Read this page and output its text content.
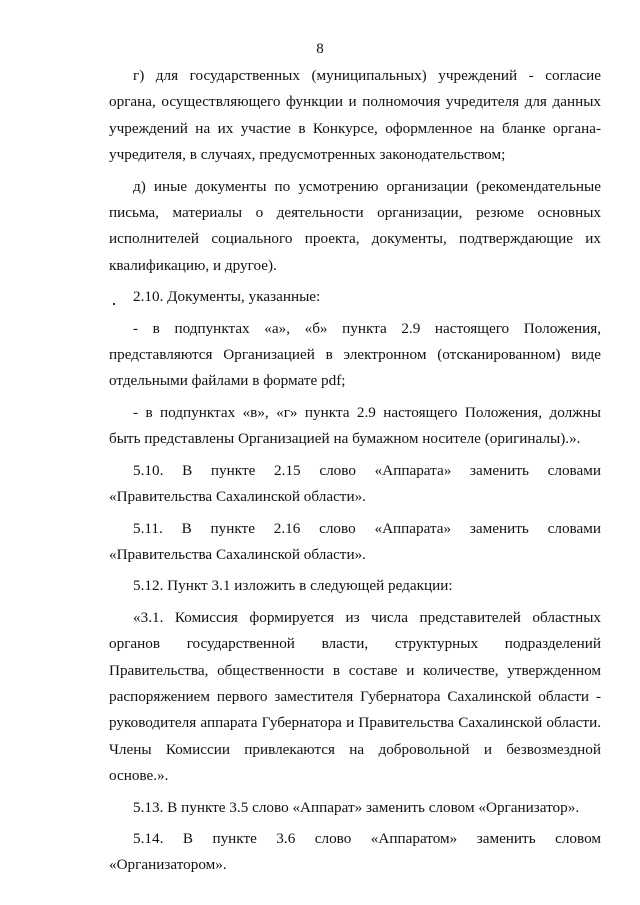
8

г) для государственных (муниципальных) учреждений - согласие органа, осуществляющего функции и полномочия учредителя для данных учреждений на их участие в Конкурсе, оформленное на бланке органа-учредителя, в случаях, предусмотренных законодательством;

д) иные документы по усмотрению организации (рекомендательные письма, материалы о деятельности организации, резюме основных исполнителей социального проекта, документы, подтверждающие их квалификацию, и другое).

2.10. Документы, указанные:

- в подпунктах «а», «б» пункта 2.9 настоящего Положения, представляются Организацией в электронном (отсканированном) виде отдельными файлами в формате pdf;

- в подпунктах «в», «г» пункта 2.9 настоящего Положения, должны быть представлены Организацией на бумажном носителе (оригиналы).».

5.10. В пункте 2.15 слово «Аппарата» заменить словами «Правительства Сахалинской области».

5.11. В пункте 2.16 слово «Аппарата» заменить словами «Правительства Сахалинской области».

5.12. Пункт 3.1 изложить в следующей редакции:

«3.1. Комиссия формируется из числа представителей областных органов государственной власти, структурных подразделений Правительства, общественности в составе и количестве, утвержденном распоряжением первого заместителя Губернатора Сахалинской области - руководителя аппарата Губернатора и Правительства Сахалинской области. Члены Комиссии привлекаются на добровольной и безвозмездной основе.».

5.13. В пункте 3.5 слово «Аппарат» заменить словом «Организатор».

5.14. В пункте 3.6 слово «Аппаратом» заменить словом «Организатором».
